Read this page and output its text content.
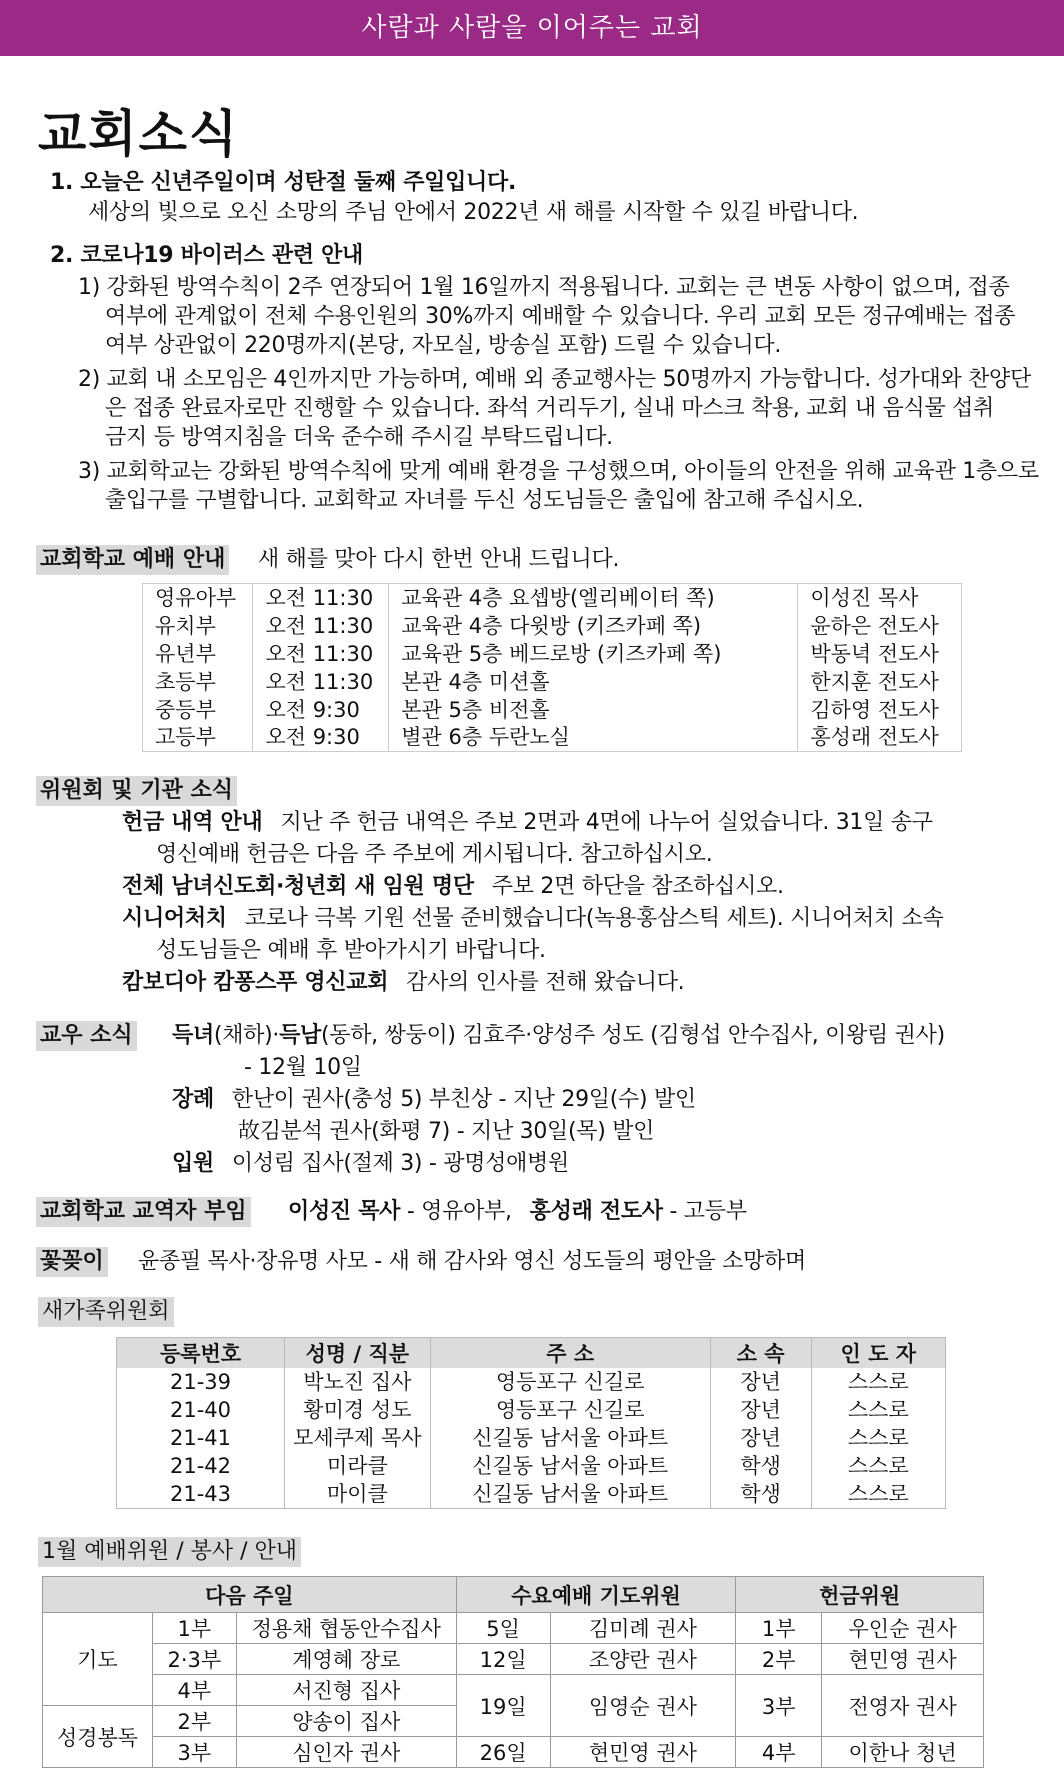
사람과 사람을 이어주는 교회
교회소식
1. 오늘은 신년주일이며 성탄절 둘째 주일입니다.
세상의 빛으로 오신 소망의 주님 안에서 2022년 새 해를 시작할 수 있길 바랍니다.
2. 코로나19 바이러스 관련 안내
1) 강화된 방역수칙이 2주 연장되어 1월 16일까지 적용됩니다. 교회는 큰 변동 사항이 없으며, 접종
여부에 관계없이 전체 수용인원의 30%까지 예배할 수 있습니다. 우리 교회 모든 정규예배는 접종
여부 상관없이 220명까지(본당, 자모실, 방송실 포함) 드릴 수 있습니다.
2) 교회 내 소모임은 4인까지만 가능하며, 예배 외 종교행사는 50명까지 가능합니다. 성가대와 찬양단
은 접종 완료자로만 진행할 수 있습니다. 좌석 거리두기, 실내 마스크 착용, 교회 내 음식물 섭취
금지 등 방역지침을 더욱 준수해 주시길 부탁드립니다.
3) 교회학교는 강화된 방역수칙에 맞게 예배 환경을 구성했으며, 아이들의 안전을 위해 교육관 1층으로
출입구를 구별합니다. 교회학교 자녀를 두신 성도님들은 출입에 참고해 주십시오.
교회학교 예배 안내 새 해를 맞아 다시 한번 안내 드립니다.
영유아부	오전 11:30	교육관 4층 요셉방(엘리베이터 쪽)	이성진 목사
유치부	오전 11:30	교육관 4층 다윗방 (키즈카페 쪽)	윤하은 전도사
유년부	오전 11:30	교육관 5층 베드로방 (키즈카페 쪽)	박동녁 전도사
초등부	오전 11:30	본관 4층 미션홀	한지훈 전도사
중등부	오전 9:30	본관 5층 비전홀	김하영 전도사
고등부	오전 9:30	별관 6층 두란노실	홍성래 전도사
위원회 및 기관 소식
헌금 내역 안내 지난 주 헌금 내역은 주보 2면과 4면에 나누어 실었습니다. 31일 송구
영신예배 헌금은 다음 주 주보에 게시됩니다. 참고하십시오.
전체 남녀신도회·청년회 새 임원 명단 주보 2면 하단을 참조하십시오.
시니어처치 코로나 극복 기원 선물 준비했습니다(녹용홍삼스틱 세트). 시니어처치 소속
성도님들은 예배 후 받아가시기 바랍니다.
캄보디아 캄퐁스푸 영신교회 감사의 인사를 전해 왔습니다.
교우 소식 득녀(채하)·득남(동하, 쌍둥이) 김효주·양성주 성도 (김형섭 안수집사, 이왕림 권사)
- 12월 10일
장례 한난이 권사(충성 5) 부친상 - 지난 29일(수) 발인
故김분석 권사(화평 7) - 지난 30일(목) 발인
입원 이성림 집사(절제 3) - 광명성애병원
교회학교 교역자 부임 이성진 목사 - 영유아부, 홍성래 전도사 - 고등부
꽃꽂이 윤종필 목사·장유명 사모 - 새 해 감사와 영신 성도들의 평안을 소망하며
새가족위원회
등록번호	성명 / 직분	주 소	소 속	인 도 자
21-39	박노진 집사	영등포구 신길로	장년	스스로
21-40	황미경 성도	영등포구 신길로	장년	스스로
21-41	모세쿠제 목사	신길동 남서울 아파트	장년	스스로
21-42	미라클	신길동 남서울 아파트	학생	스스로
21-43	마이클	신길동 남서울 아파트	학생	스스로
1월 예배위원 / 봉사 / 안내
다음 주일			수요예배 기도위원		헌금위원	
기도	1부	정용채 협동안수집사	5일	김미례 권사	1부	우인순 권사
	2·3부	계영혜 장로	12일	조양란 권사	2부	현민영 권사
	4부	서진형 집사	19일	임영순 권사	3부	전영자 권사
성경봉독	2부	양송이 집사				
	3부	심인자 권사	26일	현민영 권사	4부	이한나 청년
